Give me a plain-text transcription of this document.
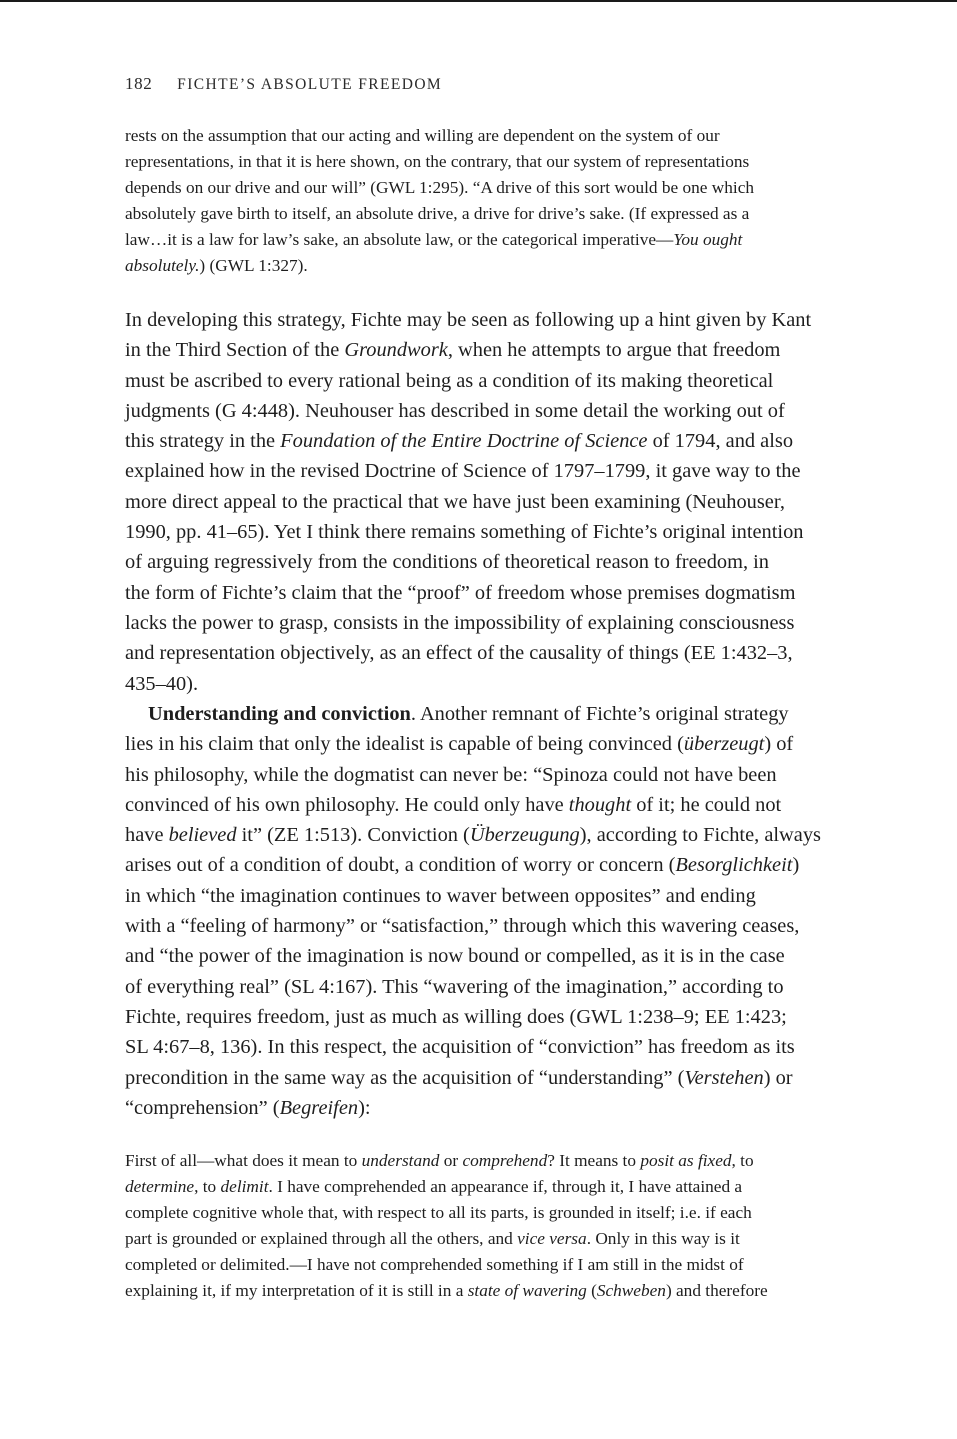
182 FICHTE’S ABSOLUTE FREEDOM
rests on the assumption that our acting and willing are dependent on the system of our
representations, in that it is here shown, on the contrary, that our system of representations
depends on our drive and our will” (GWL 1:295). “A drive of this sort would be one which
absolutely gave birth to itself, an absolute drive, a drive for drive’s sake. (If expressed as a
law…it is a law for law’s sake, an absolute law, or the categorical imperative—You ought
absolutely.) (GWL 1:327).
In developing this strategy, Fichte may be seen as following up a hint given by Kant
in the Third Section of the Groundwork, when he attempts to argue that freedom
must be ascribed to every rational being as a condition of its making theoretical
judgments (G 4:448). Neuhouser has described in some detail the working out of
this strategy in the Foundation of the Entire Doctrine of Science of 1794, and also
explained how in the revised Doctrine of Science of 1797–1799, it gave way to the
more direct appeal to the practical that we have just been examining (Neuhouser,
1990, pp. 41–65). Yet I think there remains something of Fichte’s original intention
of arguing regressively from the conditions of theoretical reason to freedom, in
the form of Fichte’s claim that the “proof” of freedom whose premises dogmatism
lacks the power to grasp, consists in the impossibility of explaining consciousness
and representation objectively, as an effect of the causality of things (EE 1:432–3,
435–40).
Understanding and conviction. Another remnant of Fichte’s original strategy
lies in his claim that only the idealist is capable of being convinced (überzeugt) of
his philosophy, while the dogmatist can never be: “Spinoza could not have been
convinced of his own philosophy. He could only have thought of it; he could not
have believed it” (ZE 1:513). Conviction (Überzeugung), according to Fichte, always
arises out of a condition of doubt, a condition of worry or concern (Besorglichkeit)
in which “the imagination continues to waver between opposites” and ending
with a “feeling of harmony” or “satisfaction,” through which this wavering ceases,
and “the power of the imagination is now bound or compelled, as it is in the case
of everything real” (SL 4:167). This “wavering of the imagination,” according to
Fichte, requires freedom, just as much as willing does (GWL 1:238–9; EE 1:423;
SL 4:67–8, 136). In this respect, the acquisition of “conviction” has freedom as its
precondition in the same way as the acquisition of “understanding” (Verstehen) or
“comprehension” (Begreifen):
First of all—what does it mean to understand or comprehend? It means to posit as fixed, to
determine, to delimit. I have comprehended an appearance if, through it, I have attained a
complete cognitive whole that, with respect to all its parts, is grounded in itself; i.e. if each
part is grounded or explained through all the others, and vice versa. Only in this way is it
completed or delimited.—I have not comprehended something if I am still in the midst of
explaining it, if my interpretation of it is still in a state of wavering (Schweben) and therefore
